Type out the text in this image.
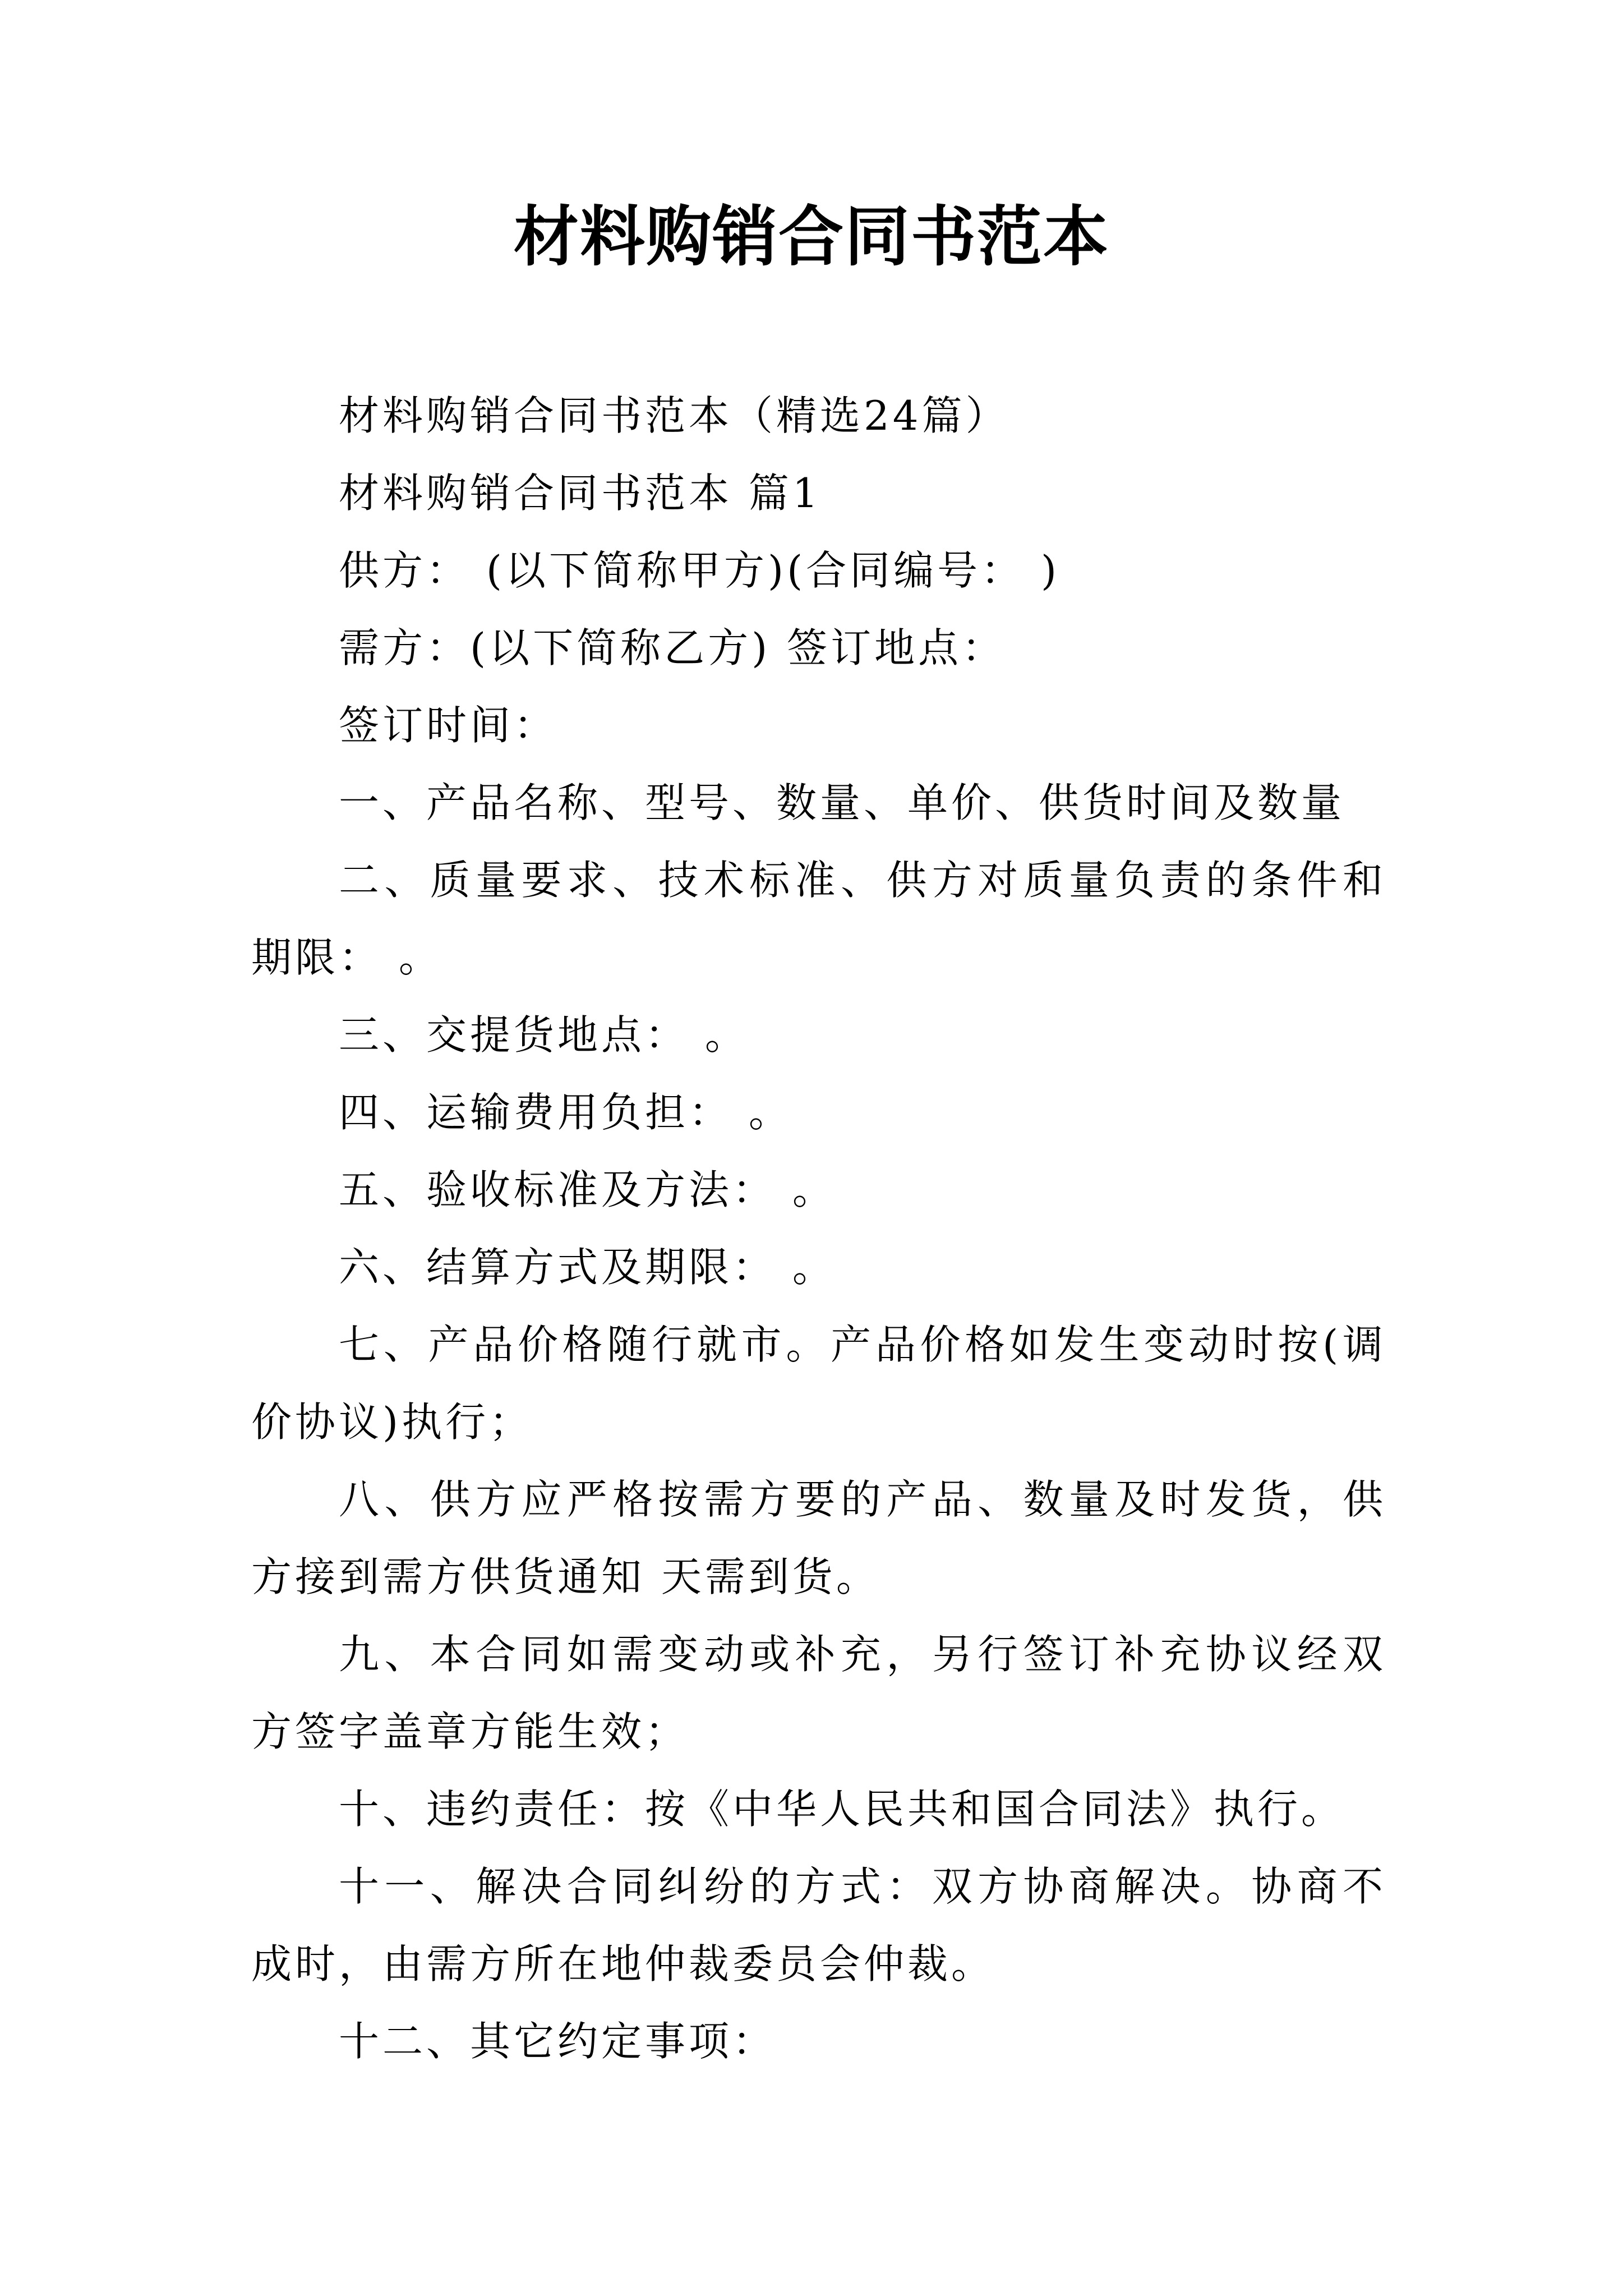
材料购销合同书范本

材料购销合同书范本（精选24篇）

材料购销合同书范本 篇1

供方： (以下简称甲方)(合同编号： )

需方：(以下简称乙方) 签订地点：

签订时间：

一、产品名称、型号、数量、单价、供货时间及数量

二、质量要求、技术标准、供方对质量负责的条件和期限： 。

三、交提货地点： 。

四、运输费用负担： 。

五、验收标准及方法： 。

六、结算方式及期限： 。

七、产品价格随行就市。产品价格如发生变动时按(调价协议)执行；

八、供方应严格按需方要的产品、数量及时发货，供方接到需方供货通知 天需到货。

九、本合同如需变动或补充，另行签订补充协议经双方签字盖章方能生效；

十、违约责任：按《中华人民共和国合同法》执行。

十一、解决合同纠纷的方式：双方协商解决。协商不成时，由需方所在地仲裁委员会仲裁。

十二、其它约定事项：
